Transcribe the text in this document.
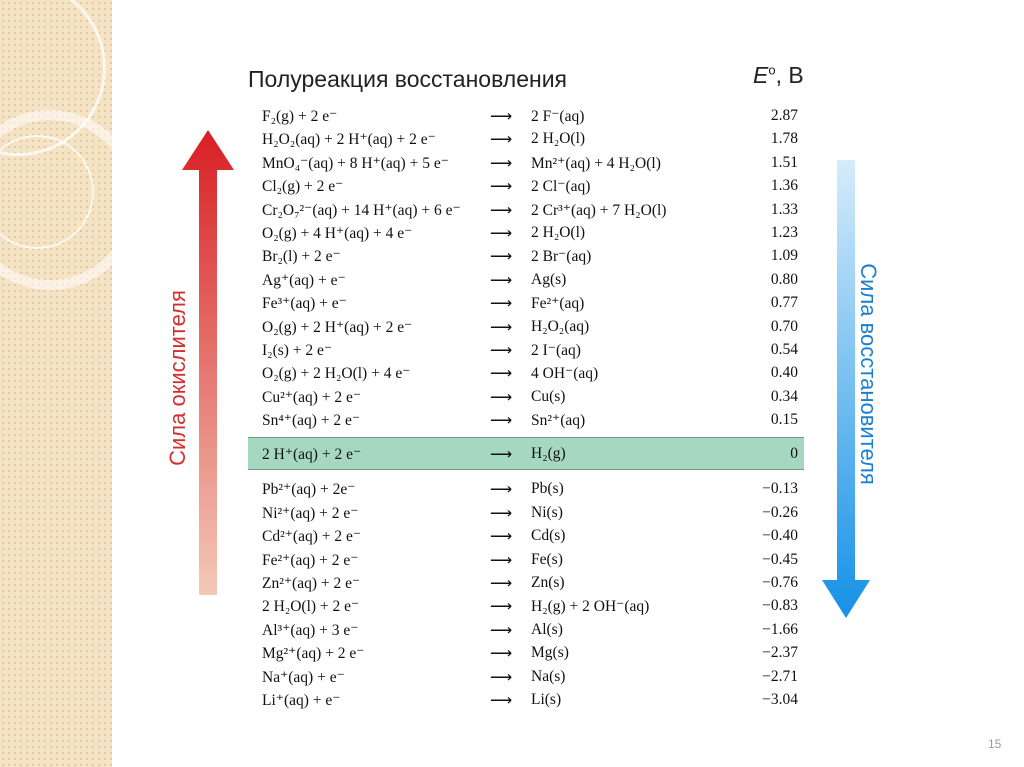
Полуреакция восстановления	$E^o$, В
Сила окислителя	Сила восстановителя
F₂(g) + 2 e⁻	⟶ 2 F⁻(aq)	2.87
H₂O₂(aq) + 2 H⁺(aq) + 2 e⁻	⟶ 2 H₂O(l)	1.78
MnO₄⁻(aq) + 8 H⁺(aq) + 5 e⁻	⟶ Mn²⁺(aq) + 4 H₂O(l)	1.51
Cl₂(g) + 2 e⁻	⟶ 2 Cl⁻(aq)	1.36
Cr₂O₇²⁻(aq) + 14 H⁺(aq) + 6 e⁻ ⟶ 2 Cr³⁺(aq) + 7 H₂O(l)	1.33
O₂(g) + 4 H⁺(aq) + 4 e⁻	⟶ 2 H₂O(l)	1.23
Br₂(l) + 2 e⁻	⟶ 2 Br⁻(aq)	1.09
Ag⁺(aq) + e⁻	⟶ Ag(s)	0.80
Fe³⁺(aq) + e⁻	⟶ Fe²⁺(aq)	0.77
O₂(g) + 2 H⁺(aq) + 2 e⁻	⟶ H₂O₂(aq)	0.70
I₂(s) + 2 e⁻	⟶ 2 I⁻(aq)	0.54
O₂(g) + 2 H₂O(l) + 4 e⁻	⟶ 4 OH⁻(aq)	0.40
Cu²⁺(aq) + 2 e⁻	⟶ Cu(s)	0.34
Sn⁴⁺(aq) + 2 e⁻	⟶ Sn²⁺(aq)	0.15
2 H⁺(aq) + 2 e⁻	⟶ H₂(g)	0
Pb²⁺(aq) + 2e⁻	⟶ Pb(s)	−0.13
Ni²⁺(aq) + 2 e⁻	⟶ Ni(s)	−0.26
Cd²⁺(aq) + 2 e⁻	⟶ Cd(s)	−0.40
Fe²⁺(aq) + 2 e⁻	⟶ Fe(s)	−0.45
Zn²⁺(aq) + 2 e⁻	⟶ Zn(s)	−0.76
2 H₂O(l) + 2 e⁻	⟶ H₂(g) + 2 OH⁻(aq)	−0.83
Al³⁺(aq) + 3 e⁻	⟶ Al(s)	−1.66
Mg²⁺(aq) + 2 e⁻	⟶ Mg(s)	−2.37
Na⁺(aq) + e⁻	⟶ Na(s)	−2.71
Li⁺(aq) + e⁻	⟶ Li(s)	−3.04
15
